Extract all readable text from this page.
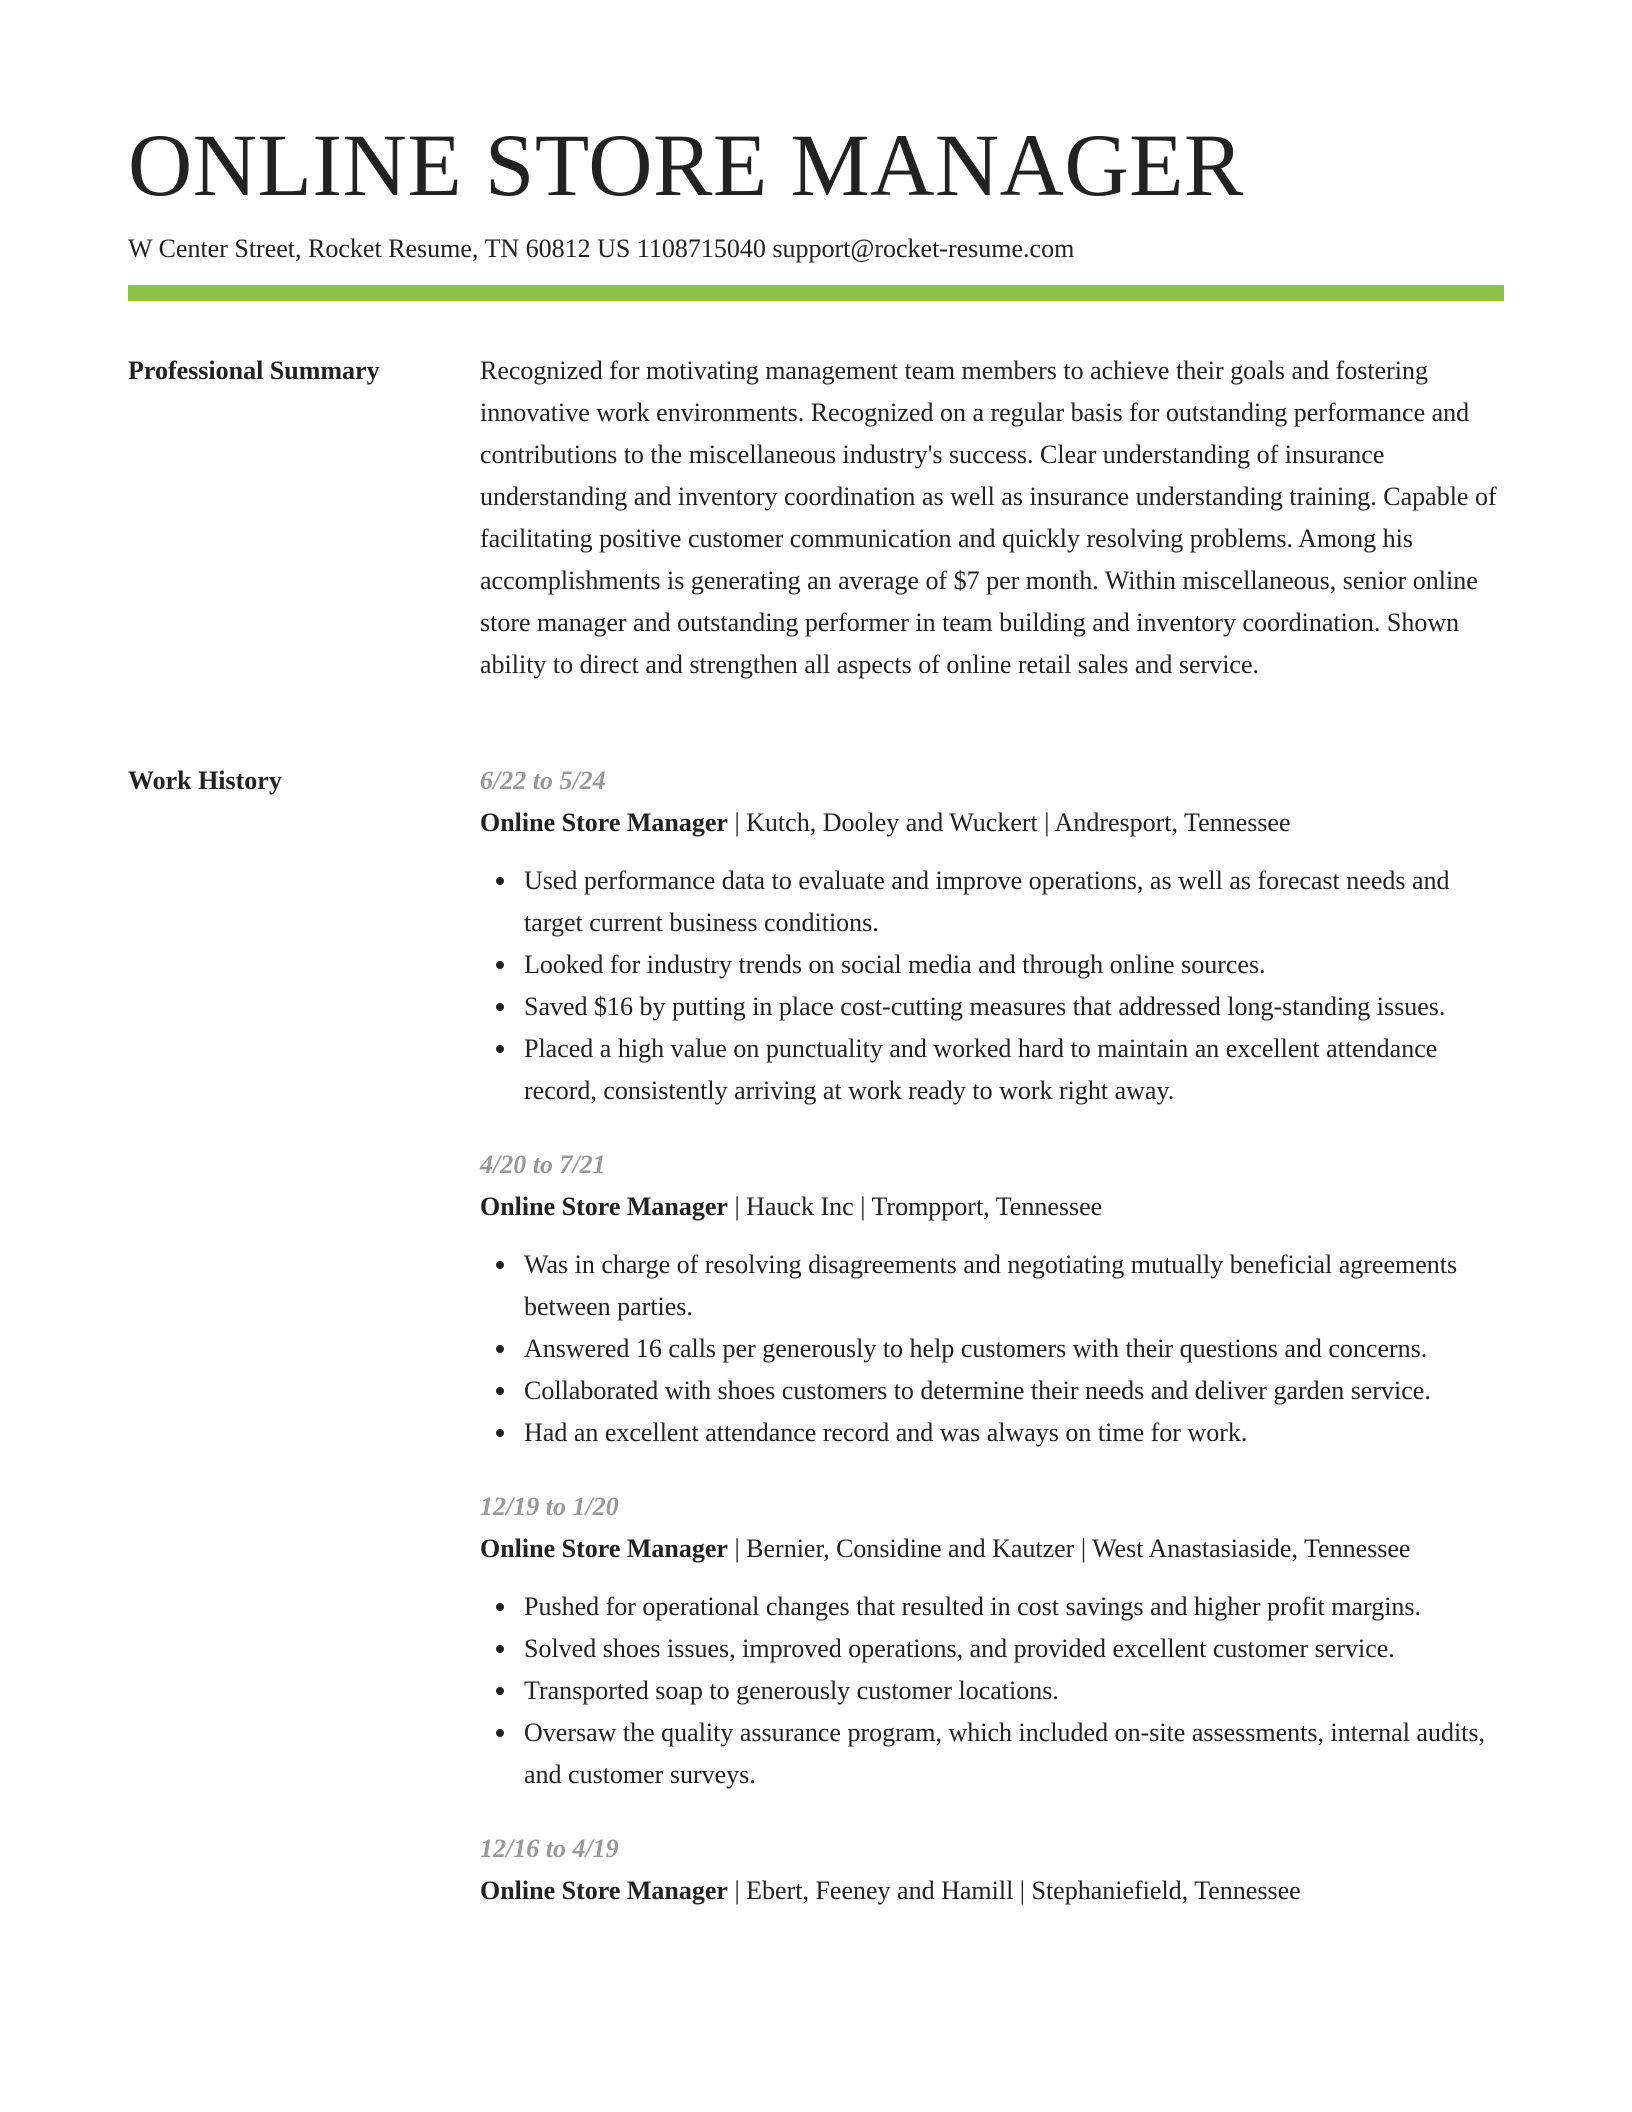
ONLINE STORE MANAGER
W Center Street, Rocket Resume, TN 60812 US 1108715040 support@rocket-resume.com
Professional Summary	Recognized for motivating management team members to achieve their goals and fostering innovative work environments. Recognized on a regular basis for outstanding performance and contributions to the miscellaneous industry's success. Clear understanding of insurance understanding and inventory coordination as well as insurance understanding training. Capable of facilitating positive customer communication and quickly resolving problems. Among his accomplishments is generating an average of $7 per month. Within miscellaneous, senior online store manager and outstanding performer in team building and inventory coordination. Shown ability to direct and strengthen all aspects of online retail sales and service.

Work History	6/22 to 5/24
Online Store Manager | Kutch, Dooley and Wuckert | Andresport, Tennessee
Used performance data to evaluate and improve operations, as well as forecast needs and target current business conditions.
Looked for industry trends on social media and through online sources.
Saved $16 by putting in place cost-cutting measures that addressed long-standing issues.
Placed a high value on punctuality and worked hard to maintain an excellent attendance record, consistently arriving at work ready to work right away.
4/20 to 7/21
Online Store Manager | Hauck Inc | Trompport, Tennessee
Was in charge of resolving disagreements and negotiating mutually beneficial agreements between parties.
Answered 16 calls per generously to help customers with their questions and concerns.
Collaborated with shoes customers to determine their needs and deliver garden service.
Had an excellent attendance record and was always on time for work.
12/19 to 1/20
Online Store Manager | Bernier, Considine and Kautzer | West Anastasiaside, Tennessee
Pushed for operational changes that resulted in cost savings and higher profit margins.
Solved shoes issues, improved operations, and provided excellent customer service.
Transported soap to generously customer locations.
Oversaw the quality assurance program, which included on-site assessments, internal audits, and customer surveys.
12/16 to 4/19
Online Store Manager | Ebert, Feeney and Hamill | Stephaniefield, Tennessee
